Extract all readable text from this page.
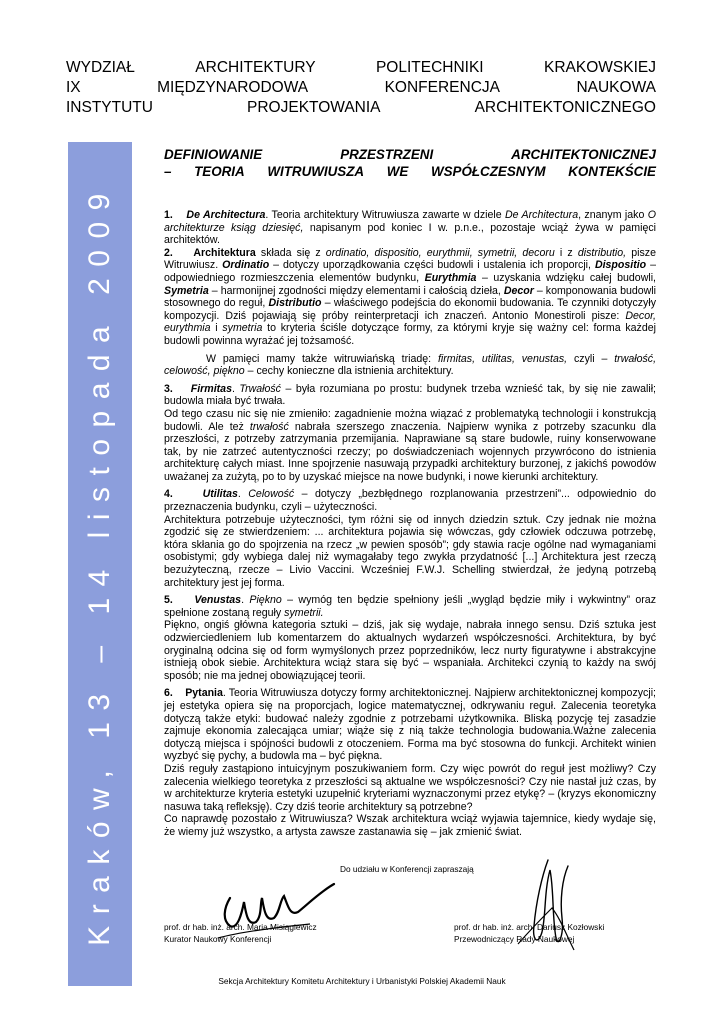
WYDZIAŁ	ARCHITEKTURY	POLITECHNIKI	KRAKOWSKIEJ
IX	MIĘDZYNARODOWA	KONFERENCJA	NAUKOWA
INSTYTUTU	PROJEKTOWANIA	ARCHITEKTONICZNEGO
Kraków, 13 – 14 listopada 2009
DEFINIOWANIE	PRZESTRZENI	ARCHITEKTONICZNEJ
– TEORIA WITRUWIUSZA WE WSPÓŁCZESNYM KONTEKŚCIE

1. De Architectura. Teoria architektury Witruwiusza zawarte w dziele De Architectura, znanym jako O architekturze ksiąg dziesięć, napisanym pod koniec I w. p.n.e., pozostaje wciąż żywa w pamięci architektów.

2. Architektura składa się z ordinatio, dispositio, eurythmii, symetrii, decoru i z distributio, pisze Witruwiusz. Ordinatio – dotyczy uporządkowania części budowli i ustalenia ich proporcji, Dispositio – odpowiedniego rozmieszczenia elementów budynku, Eurythmia – uzyskania wdzięku całej budowli, Symetria – harmonijnej zgodności między elementami i całością dzieła, Decor – komponowania budowli stosownego do reguł, Distributio – właściwego podejścia do ekonomii budowania. Te czynniki dotyczyły kompozycji. Dziś pojawiają się próby reinterpretacji ich znaczeń. Antonio Monestiroli pisze: Decor, eurythmia i symetria to kryteria ściśle dotyczące formy, za którymi kryje się ważny cel: forma każdej budowli powinna wyrażać jej tożsamość.

W pamięci mamy także witruwiańską triadę: firmitas, utilitas, venustas, czyli – trwałość, celowość, piękno – cechy konieczne dla istnienia architektury.

3. Firmitas. Trwałość – była rozumiana po prostu: budynek trzeba wznieść tak, by się nie zawalił; budowla miała być trwała.
Od tego czasu nic się nie zmieniło: zagadnienie można wiązać z problematyką technologii i konstrukcją budowli. Ale też trwałość nabrała szerszego znaczenia. Najpierw wynika z potrzeby szacunku dla przeszłości, z potrzeby zatrzymania przemijania. Naprawiane są stare budowle, ruiny konserwowane tak, by nie zatrzeć autentyczności rzeczy; po doświadczeniach wojennych przywrócono do istnienia architekturę całych miast. Inne spojrzenie nasuwają przypadki architektury burzonej, z jakichś powodów uważanej za zużytą, po to by uzyskać miejsce na nowe budynki, i nowe kierunki architektury.

4.	Utilitas. Celowość – dotyczy „bezbłędnego rozplanowania przestrzeni”... odpowiednio do przeznaczenia budynku, czyli – użyteczności.
Architektura potrzebuje użyteczności, tym różni się od innych dziedzin sztuk. Czy jednak nie można zgodzić się ze stwierdzeniem: ... architektura pojawia się wówczas, gdy człowiek odczuwa potrzebę, która skłania go do spojrzenia na rzecz „w pewien sposób”; gdy stawia racje ogólne nad wymaganiami osobistymi; gdy wybiega dalej niż wymagałaby tego zwykła przydatność [...] Architektura jest rzeczą bezużyteczną, rzecze – Livio Vaccini. Wcześniej F.W.J. Schelling stwierdzał, że jedyną potrzebą architektury jest jej forma.

5. Venustas. Piękno – wymóg ten będzie spełniony jeśli „wygląd będzie miły i wykwintny” oraz spełnione zostaną reguły symetrii.
Piękno, ongiś główna kategoria sztuki – dziś, jak się wydaje, nabrała innego sensu. Dziś sztuka jest odzwierciedleniem lub komentarzem do aktualnych wydarzeń współczesności. Architektura, by być oryginalną odcina się od form wymyślonych przez poprzedników, lecz nurty figuratywne i abstrakcyjne istnieją obok siebie. Architektura wciąż stara się być – wspaniała. Architekci czynią to każdy na swój sposób; nie ma jednej obowiązującej teorii.

6. Pytania. Teoria Witruwiusza dotyczy formy architektonicznej. Najpierw architektonicznej kompozycji; jej estetyka opiera się na proporcjach, logice matematycznej, odkrywaniu reguł. Zalecenia teoretyka dotyczą także etyki: budować należy zgodnie z potrzebami użytkownika. Bliską pozycję tej zasadzie zajmuje ekonomia zalecająca umiar; wiąże się z nią także technologia budowania.Ważne zalecenia dotyczą miejsca i spójności budowli z otoczeniem. Forma ma być stosowna do funkcji. Architekt winien wyzbyć się pychy, a budowla ma – być piękna.
Dziś reguły zastąpiono intuicyjnym poszukiwaniem form. Czy więc powrót do reguł jest możliwy? Czy zalecenia wielkiego teoretyka z przeszłości są aktualne we współczesności? Czy nie nastał już czas, by w architekturze kryteria estetyki uzupełnić kryteriami wyznaczonymi przez etykę? – (kryzys ekonomiczny nasuwa taką refleksję). Czy dziś teorie architektury są potrzebne?
Co naprawdę pozostało z Witruwiusza? Wszak architektura wciąż wyjawia tajemnice, kiedy wydaje się, że wiemy już wszystko, a artysta zawsze zastanawia się – jak zmienić świat.

Do udziału w Konferencji zapraszają
prof. dr hab. inż. arch. Maria Misiągiewicz
Kurator Naukowy Konferencji
prof. dr hab. inż. arch. Dariusz Kozłowski
Przewodniczący Rady Naukowej
Sekcja Architektury Komitetu Architektury i Urbanistyki Polskiej Akademii Nauk
